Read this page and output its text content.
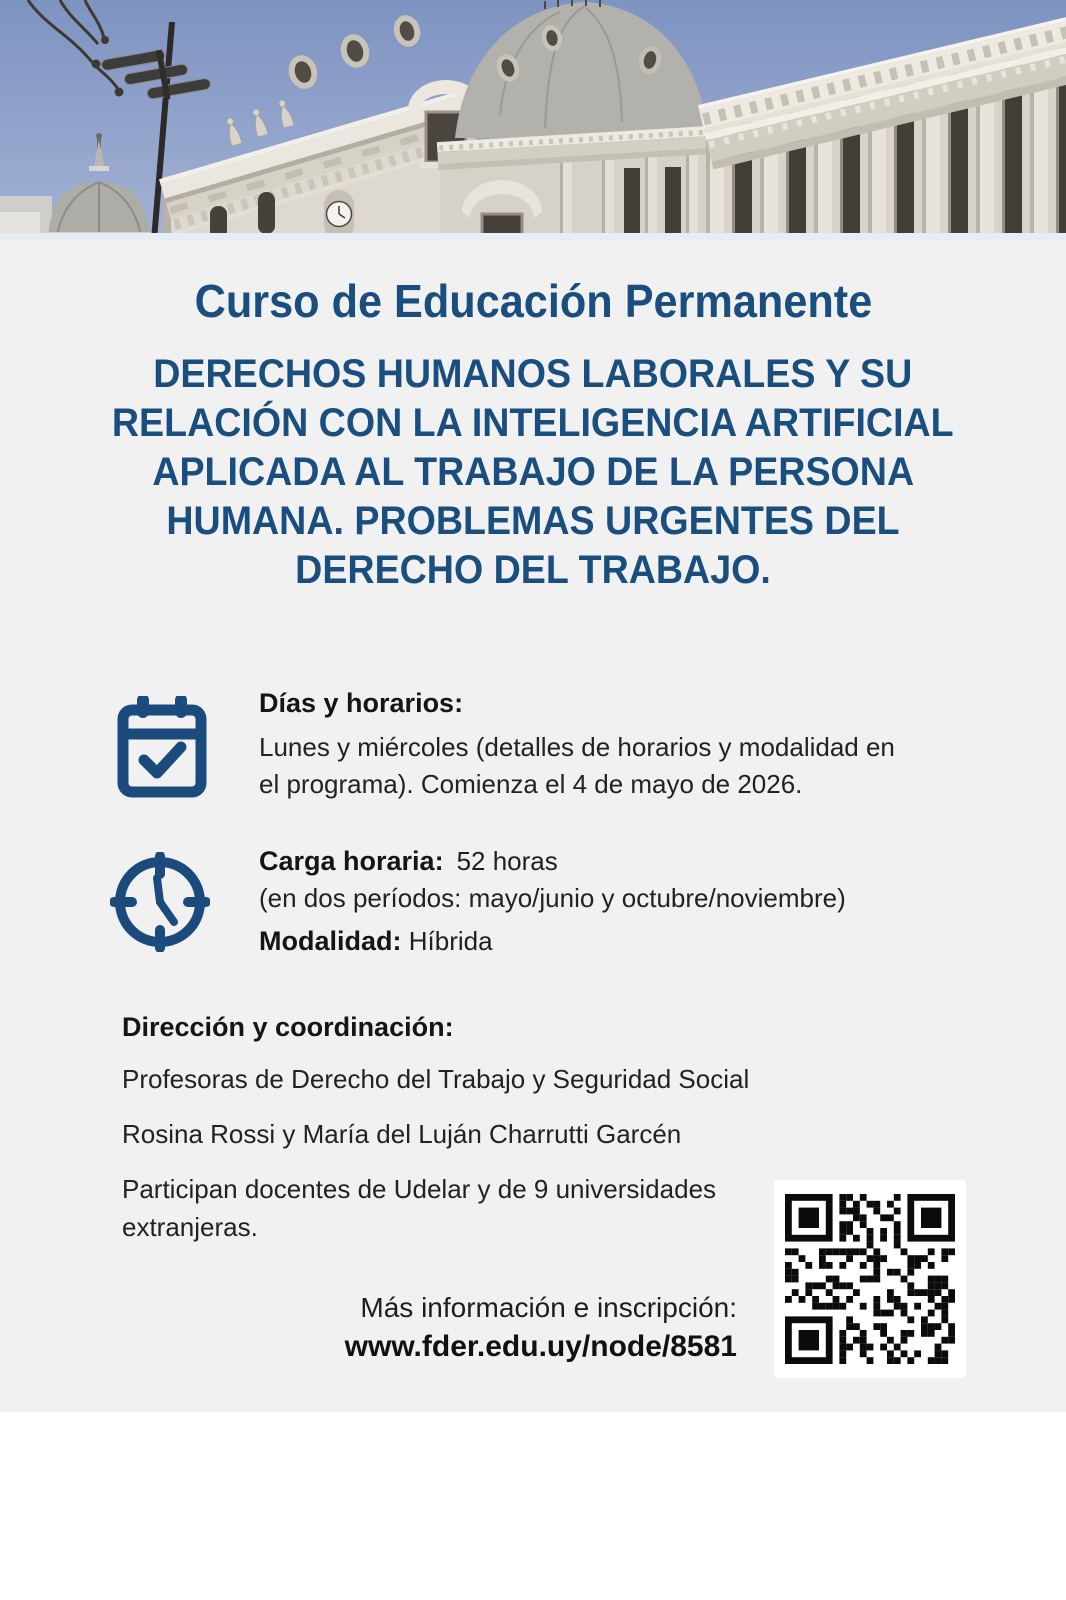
Curso de Educación Permanente
DERECHOS HUMANOS LABORALES Y SU
RELACIÓN CON LA INTELIGENCIA ARTIFICIAL
APLICADA AL TRABAJO DE LA PERSONA
HUMANA. PROBLEMAS URGENTES DEL
DERECHO DEL TRABAJO.
Días y horarios:
Lunes y miércoles (detalles de horarios y modalidad en el programa). Comienza el 4 de mayo de 2026.
Carga horaria: 52 horas
(en dos períodos: mayo/junio y octubre/noviembre)
Modalidad: Híbrida
Dirección y coordinación:

Profesoras de Derecho del Trabajo y Seguridad Social

Rosina Rossi y María del Luján Charrutti Garcén

Participan docentes de Udelar y de 9 universidades extranjeras.

Más información e inscripción:
www.fder.edu.uy/node/8581
